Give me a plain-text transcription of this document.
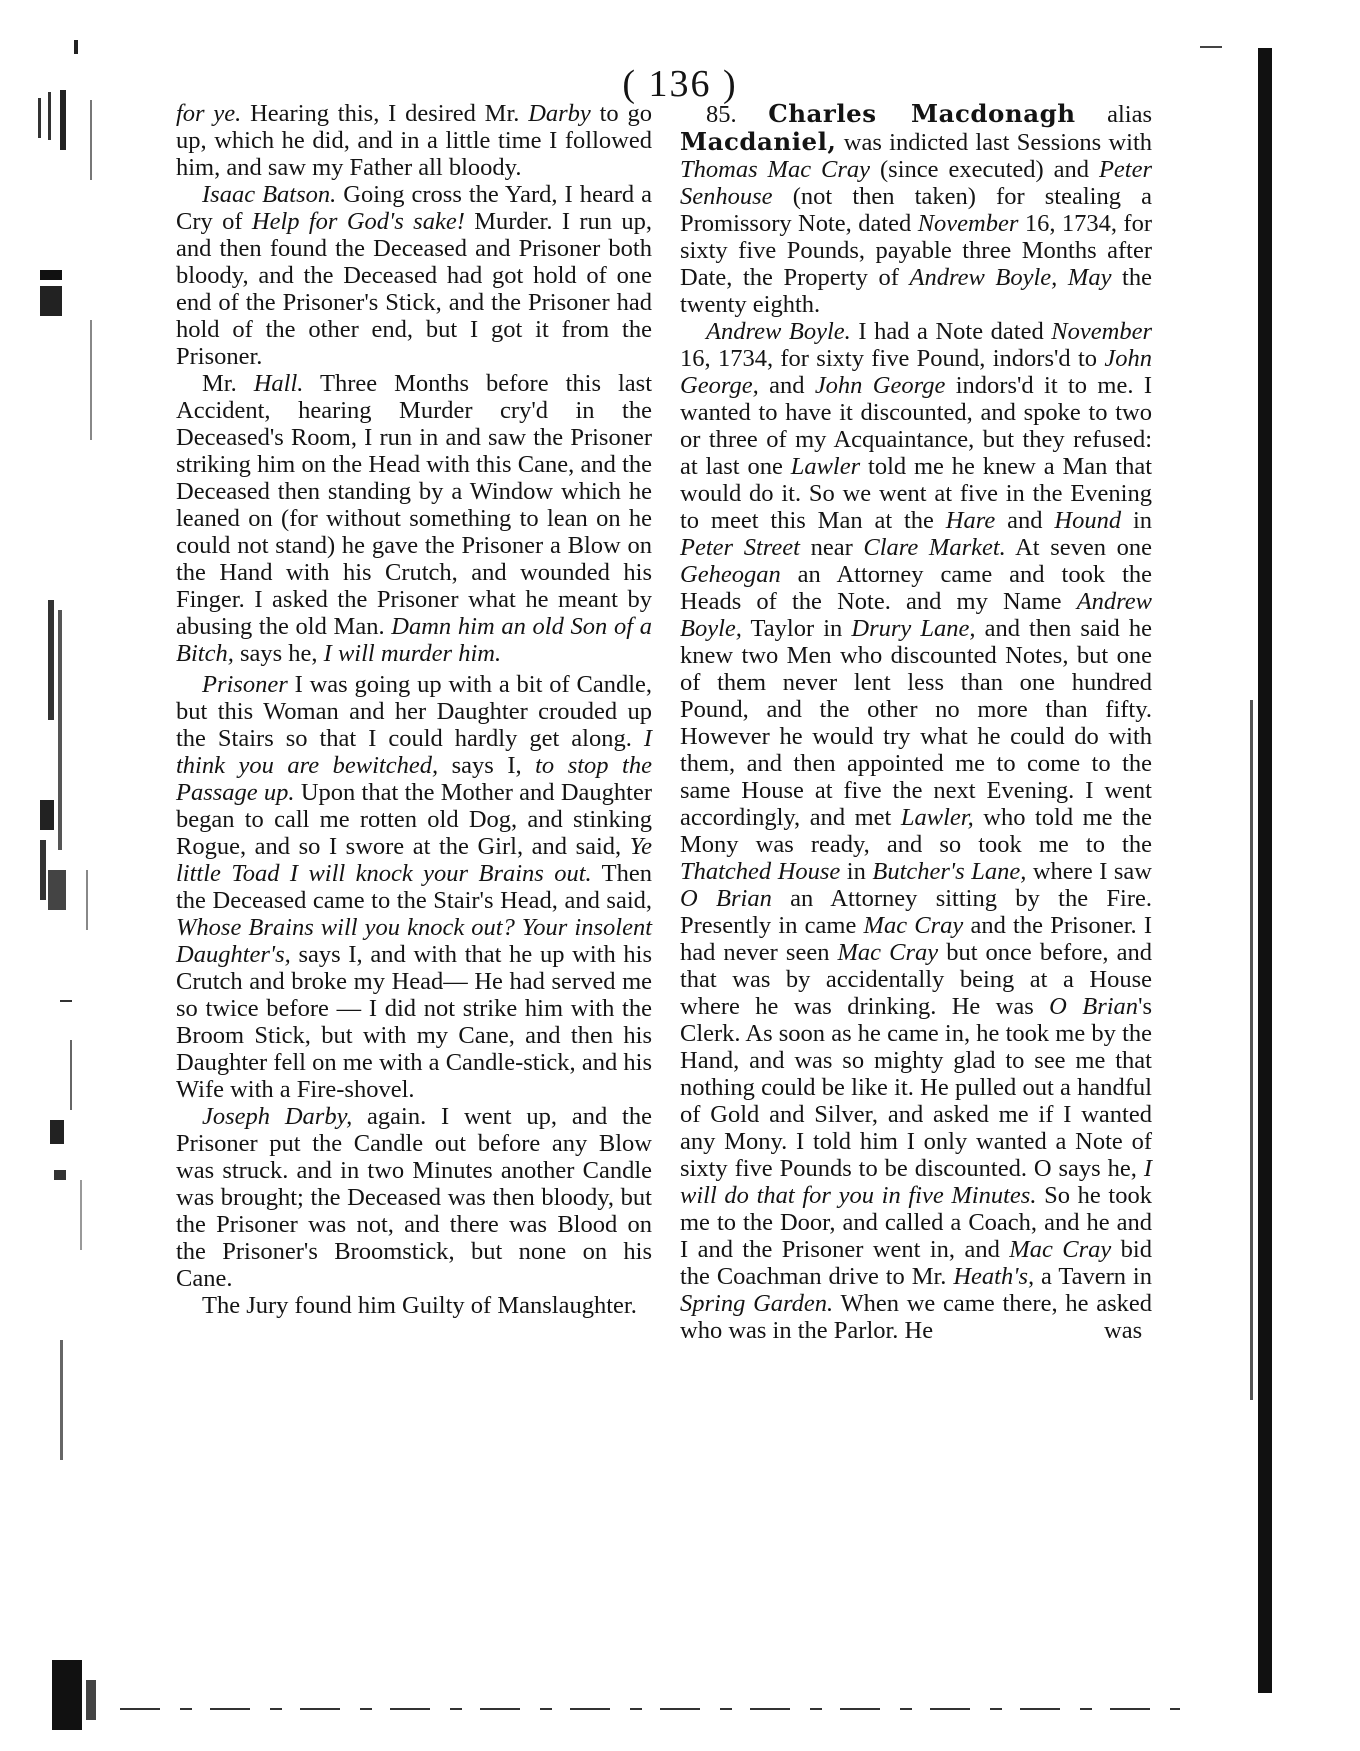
( 136 )

for ye. Hearing this, I desired Mr. Darby to go up, which he did, and in a little time I followed him, and saw my Father all bloody.

Isaac Batson. Going cross the Yard, I heard a Cry of Help for God's sake! Murder. I run up, and then found the Deceased and Prisoner both bloody, and the Deceased had got hold of one end of the Prisoner's Stick, and the Prisoner had hold of the other end, but I got it from the Prisoner.

Mr. Hall. Three Months before this last Accident, hearing Murder cry'd in the Deceased's Room, I run in and saw the Prisoner striking him on the Head with this Cane, and the Deceased then standing by a Window which he leaned on (for without something to lean on he could not stand) he gave the Prisoner a Blow on the Hand with his Crutch, and wounded his Finger. I asked the Prisoner what he meant by abusing the old Man. Damn him an old Son of a Bitch, says he, I will murder him.

Prisoner I was going up with a bit of Candle, but this Woman and her Daughter crouded up the Stairs so that I could hardly get along. I think you are bewitched, says I, to stop the Passage up. Upon that the Mother and Daughter began to call me rotten old Dog, and stinking Rogue, and so I swore at the Girl, and said, Ye little Toad I will knock your Brains out. Then the Deceased came to the Stair's Head, and said, Whose Brains will you knock out? Your insolent Daughter's, says I, and with that he up with his Crutch and broke my Head— He had served me so twice before — I did not strike him with the Broom Stick, but with my Cane, and then his Daughter fell on me with a Candle-stick, and his Wife with a Fire-shovel.

Joseph Darby, again. I went up, and the Prisoner put the Candle out before any Blow was struck. and in two Minutes another Candle was brought; the Deceased was then bloody, but the Prisoner was not, and there was Blood on the Prisoner's Broomstick, but none on his Cane.

The Jury found him Guilty of Manslaughter.

85. Charles Macdonagh alias Macdaniel, was indicted last Sessions with Thomas Mac Cray (since executed) and Peter Senhouse (not then taken) for stealing a Promissory Note, dated November 16, 1734, for sixty five Pounds, payable three Months after Date, the Property of Andrew Boyle, May the twenty eighth.

Andrew Boyle. I had a Note dated November 16, 1734, for sixty five Pound, indors'd to John George, and John George indors'd it to me. I wanted to have it discounted, and spoke to two or three of my Acquaintance, but they refused: at last one Lawler told me he knew a Man that would do it. So we went at five in the Evening to meet this Man at the Hare and Hound in Peter Street near Clare Market. At seven one Geheogan an Attorney came and took the Heads of the Note. and my Name Andrew Boyle, Taylor in Drury Lane, and then said he knew two Men who discounted Notes, but one of them never lent less than one hundred Pound, and the other no more than fifty. However he would try what he could do with them, and then appointed me to come to the same House at five the next Evening. I went accordingly, and met Lawler, who told me the Mony was ready, and so took me to the Thatched House in Butcher's Lane, where I saw O Brian an Attorney sitting by the Fire. Presently in came Mac Cray and the Prisoner. I had never seen Mac Cray but once before, and that was by accidentally being at a House where he was drinking. He was O Brian's Clerk. As soon as he came in, he took me by the Hand, and was so mighty glad to see me that nothing could be like it. He pulled out a handful of Gold and Silver, and asked me if I wanted any Mony. I told him I only wanted a Note of sixty five Pounds to be discounted. O says he, I will do that for you in five Minutes. So he took me to the Door, and called a Coach, and he and I and the Prisoner went in, and Mac Cray bid the Coachman drive to Mr. Heath's, a Tavern in Spring Garden. When we came there, he asked who was in the Parlor. He	was
